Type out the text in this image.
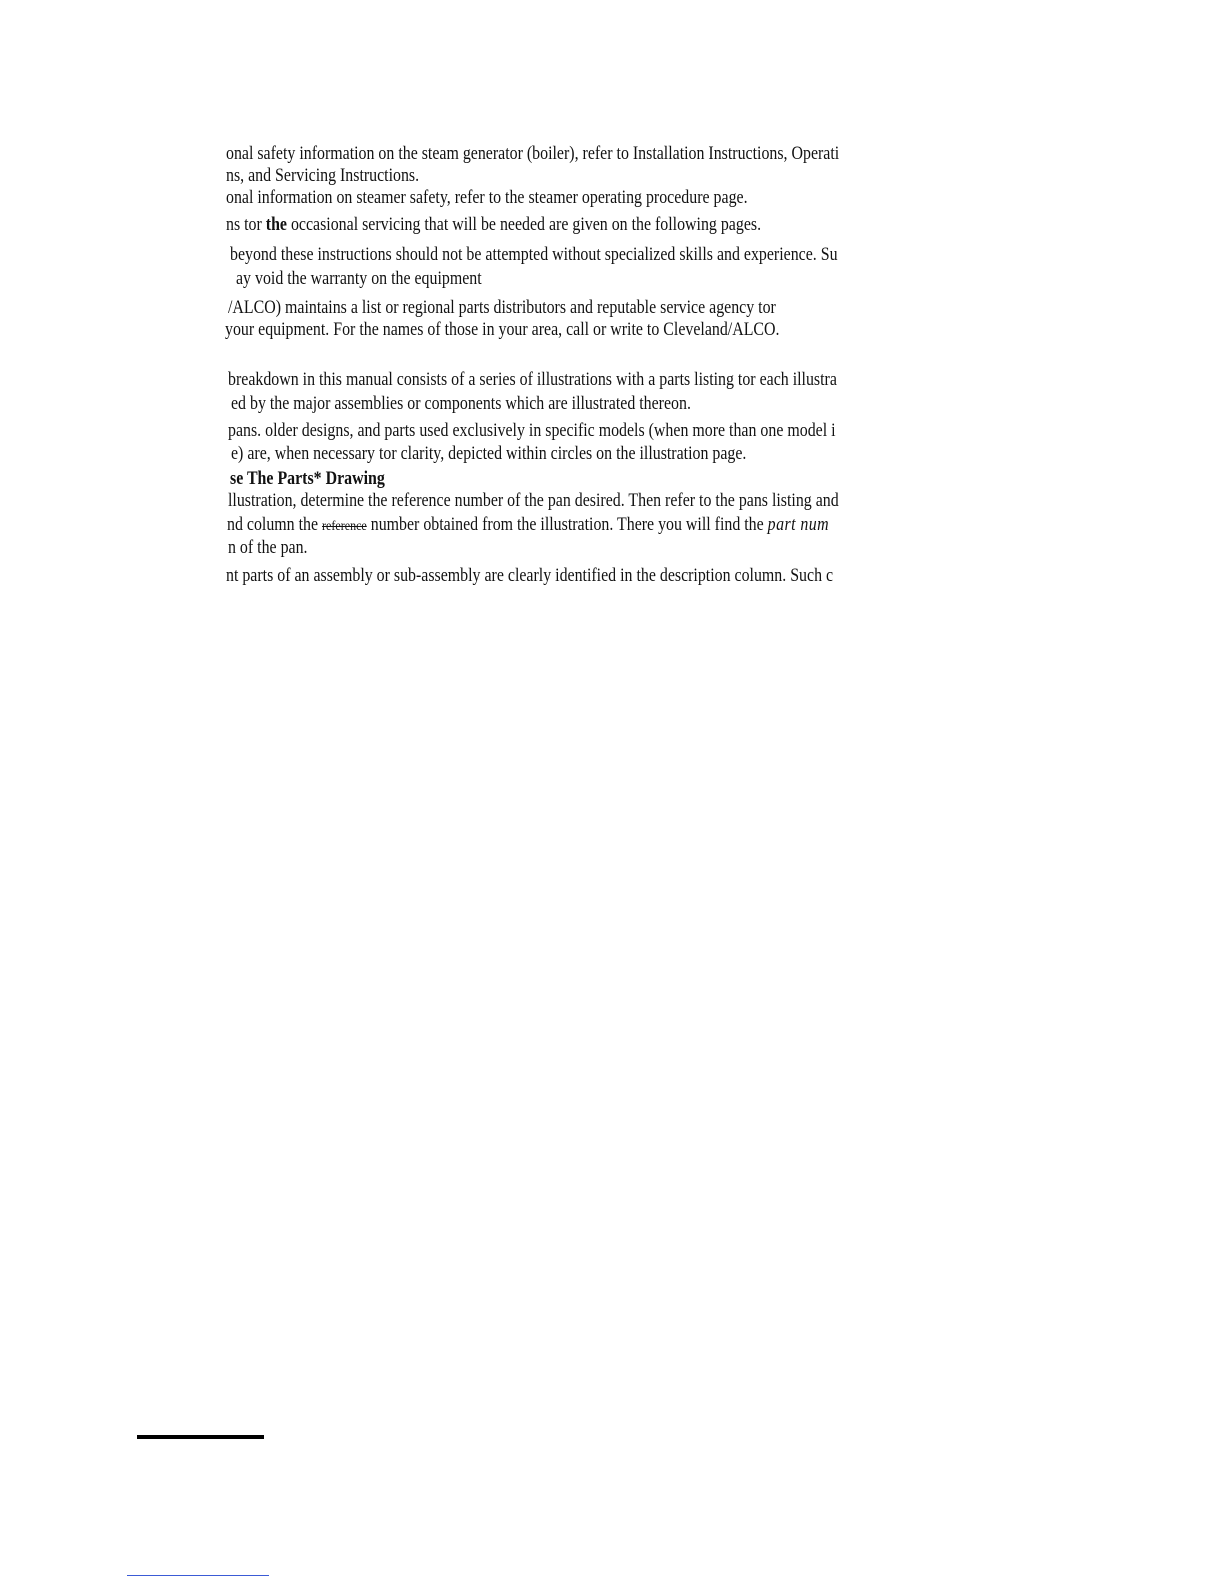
onal safety information on the steam generator (boiler), refer to Installation Instructions, Operati
ns, and Servicing Instructions.
onal information on steamer safety, refer to the steamer operating procedure page.
ns tor the occasional servicing that will be needed are given on the following pages.
beyond these instructions should not be attempted without specialized skills and experience. Su
ay void the warranty on the equipment
/ALCO) maintains a list or regional parts distributors and reputable service agency tor
your equipment. For the names of those in your area, call or write to Cleveland/ALCO.
breakdown in this manual consists of a series of illustrations with a parts listing tor each illustra
ed by the major assemblies or components which are illustrated thereon.
pans. older designs, and parts used exclusively in specific models (when more than one model i
e) are, when necessary tor clarity, depicted within circles on the illustration page.
se The Parts* Drawing
llustration, determine the reference number of the pan desired. Then refer to the pans listing and
nd column the reference number obtained from the illustration. There you will find the part num
n of the pan.
nt parts of an assembly or sub-assembly are clearly identified in the description column. Such c
